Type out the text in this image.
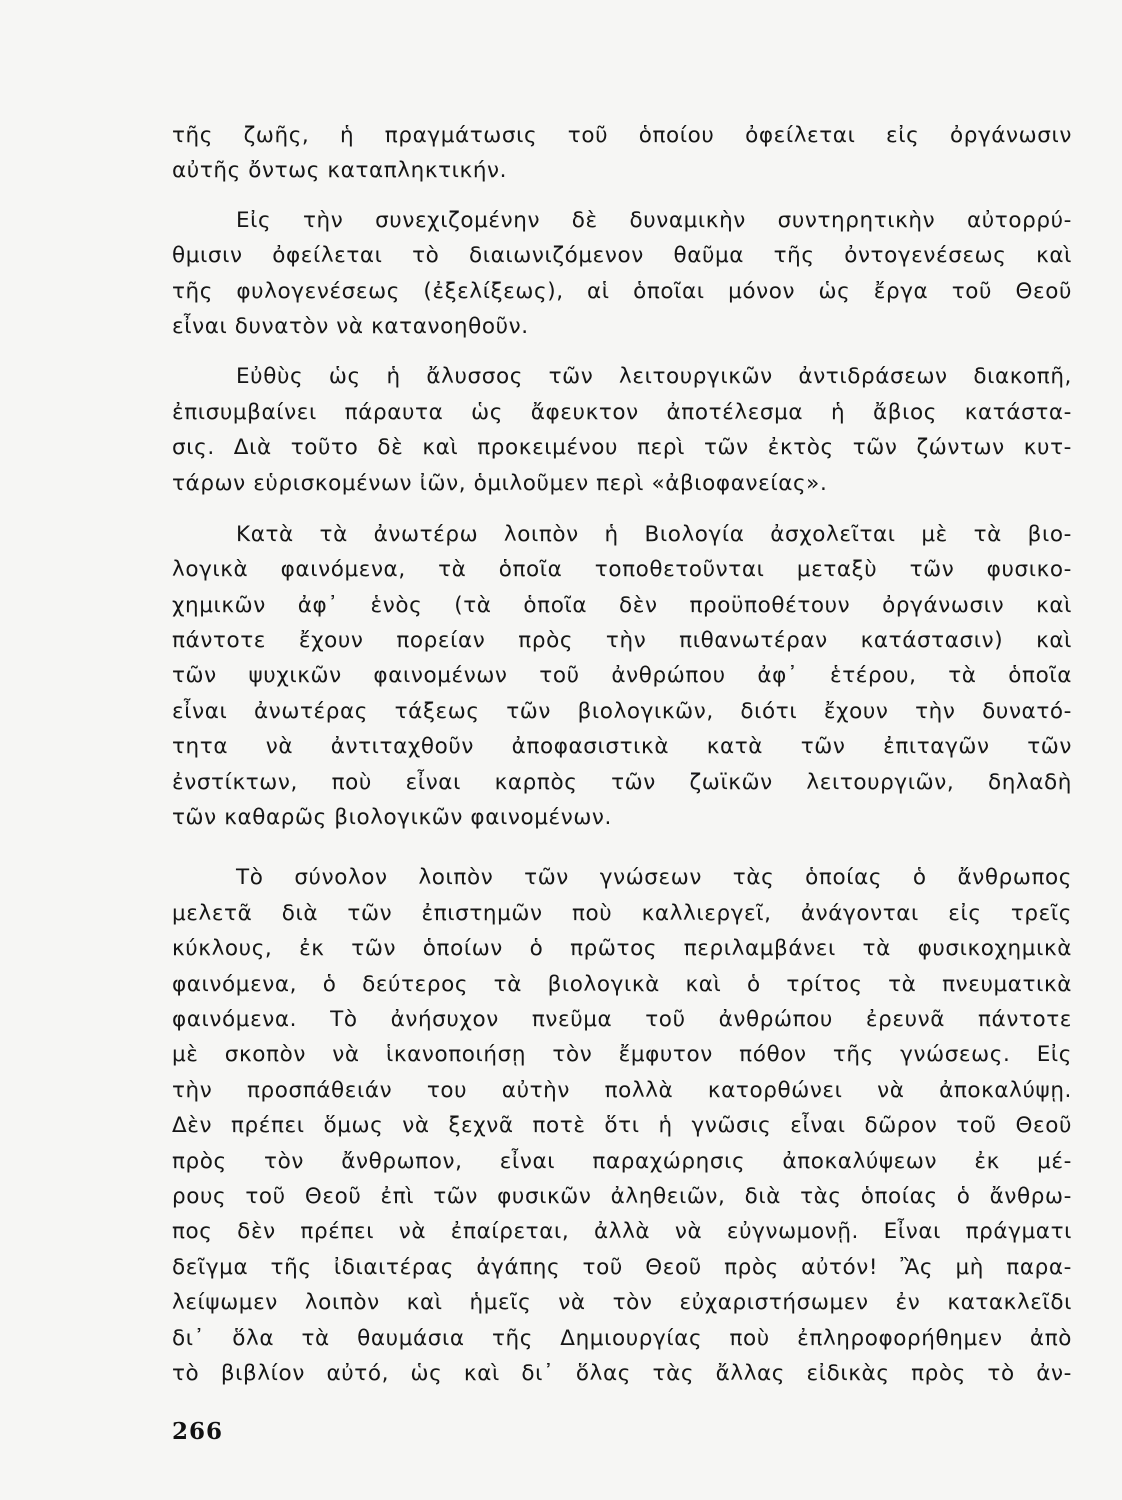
τῆς ζωῆς, ἡ πραγμάτωσις τοῦ ὁποίου ὀφείλεται εἰς ὀργάνωσιν
αὐτῆς ὄντως καταπληκτικήν.
Εἰς τὴν συνεχιζομένην δὲ δυναμικὴν συντηρητικὴν αὐτορρύ-
θμισιν ὀφείλεται τὸ διαιωνιζόμενον θαῦμα τῆς ὀντογενέσεως καὶ
τῆς φυλογενέσεως (ἐξελίξεως), αἱ ὁποῖαι μόνον ὡς ἔργα τοῦ Θεοῦ
εἶναι δυνατὸν νὰ κατανοηθοῦν.
Εὐθὺς ὡς ἡ ἄλυσσος τῶν λειτουργικῶν ἀντιδράσεων διακοπῆ,
ἐπισυμβαίνει πάραυτα ὡς ἄφευκτον ἀποτέλεσμα ἡ ἄβιος κατάστα-
σις. Διὰ τοῦτο δὲ καὶ προκειμένου περὶ τῶν ἐκτὸς τῶν ζώντων κυτ-
τάρων εὑρισκομένων ἰῶν, ὁμιλοῦμεν περὶ «ἀβιοφανείας».
Κατὰ τὰ ἀνωτέρω λοιπὸν ἡ Βιολογία ἀσχολεῖται μὲ τὰ βιο-
λογικὰ φαινόμενα, τὰ ὁποῖα τοποθετοῦνται μεταξὺ τῶν φυσικο-
χημικῶν ἀφ᾽ ἑνὸς (τὰ ὁποῖα δὲν προϋποθέτουν ὀργάνωσιν καὶ
πάντοτε ἔχουν πορείαν πρὸς τὴν πιθανωτέραν κατάστασιν) καὶ
τῶν ψυχικῶν φαινομένων τοῦ ἀνθρώπου ἀφ᾽ ἑτέρου, τὰ ὁποῖα
εἶναι ἀνωτέρας τάξεως τῶν βιολογικῶν, διότι ἔχουν τὴν δυνατό-
τητα νὰ ἀντιταχθοῦν ἀποφασιστικὰ κατὰ τῶν ἐπιταγῶν τῶν
ἐνστίκτων, ποὺ εἶναι καρπὸς τῶν ζωϊκῶν λειτουργιῶν, δηλαδὴ
τῶν καθαρῶς βιολογικῶν φαινομένων.
Τὸ σύνολον λοιπὸν τῶν γνώσεων τὰς ὁποίας ὁ ἄνθρωπος
μελετᾶ διὰ τῶν ἐπιστημῶν ποὺ καλλιεργεῖ, ἀνάγονται εἰς τρεῖς
κύκλους, ἐκ τῶν ὁποίων ὁ πρῶτος περιλαμβάνει τὰ φυσικοχημικὰ
φαινόμενα, ὁ δεύτερος τὰ βιολογικὰ καὶ ὁ τρίτος τὰ πνευματικὰ
φαινόμενα. Τὸ ἀνήσυχον πνεῦμα τοῦ ἀνθρώπου ἐρευνᾶ πάντοτε
μὲ σκοπὸν νὰ ἱκανοποιήσῃ τὸν ἔμφυτον πόθον τῆς γνώσεως. Εἰς
τὴν προσπάθειάν του αὐτὴν πολλὰ κατορθώνει νὰ ἀποκαλύψῃ.
Δὲν πρέπει ὅμως νὰ ξεχνᾶ ποτὲ ὅτι ἡ γνῶσις εἶναι δῶρον τοῦ Θεοῦ
πρὸς τὸν ἄνθρωπον, εἶναι παραχώρησις ἀποκαλύψεων ἐκ μέ-
ρους τοῦ Θεοῦ ἐπὶ τῶν φυσικῶν ἀληθειῶν, διὰ τὰς ὁποίας ὁ ἄνθρω-
πος δὲν πρέπει νὰ ἐπαίρεται, ἀλλὰ νὰ εὐγνωμονῇ. Εἶναι πράγματι
δεῖγμα τῆς ἰδιαιτέρας ἀγάπης τοῦ Θεοῦ πρὸς αὐτόν! Ἂς μὴ παρα-
λείψωμεν λοιπὸν καὶ ἡμεῖς νὰ τὸν εὐχαριστήσωμεν ἐν κατακλεῖδι
δι᾽ ὅλα τὰ θαυμάσια τῆς Δημιουργίας ποὺ ἐπληροφορήθημεν ἀπὸ
τὸ βιβλίον αὐτό, ὡς καὶ δι᾽ ὅλας τὰς ἄλλας εἰδικὰς πρὸς τὸ ἀν-
266
